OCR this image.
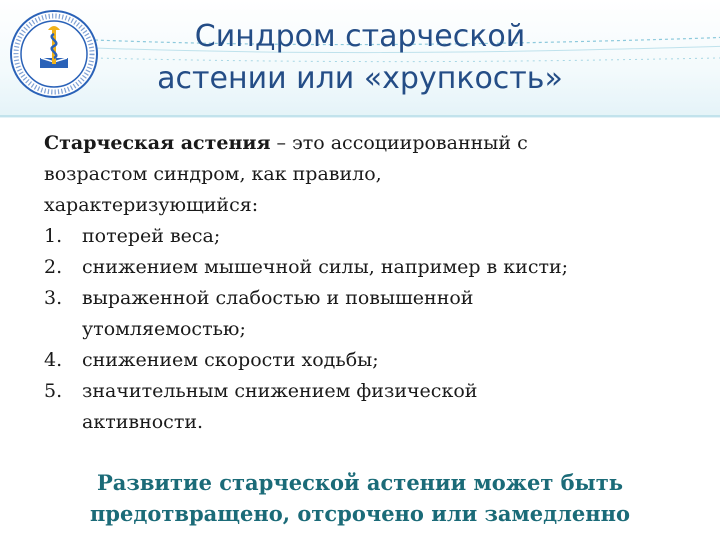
Синдром старческой
астении или «хрупкость»

Старческая астения – это ассоциированный с
возрастом синдром, как правило,
характеризующийся:

1. потерей веса;
2. снижением мышечной силы, например в кисти;
3. выраженной слабостью и повышенной
утомляемостью;
4. снижением скорости ходьбы;
5. значительным снижением физической
активности.
Развитие старческой астении может быть
предотвращено, отсрочено или замедленно
